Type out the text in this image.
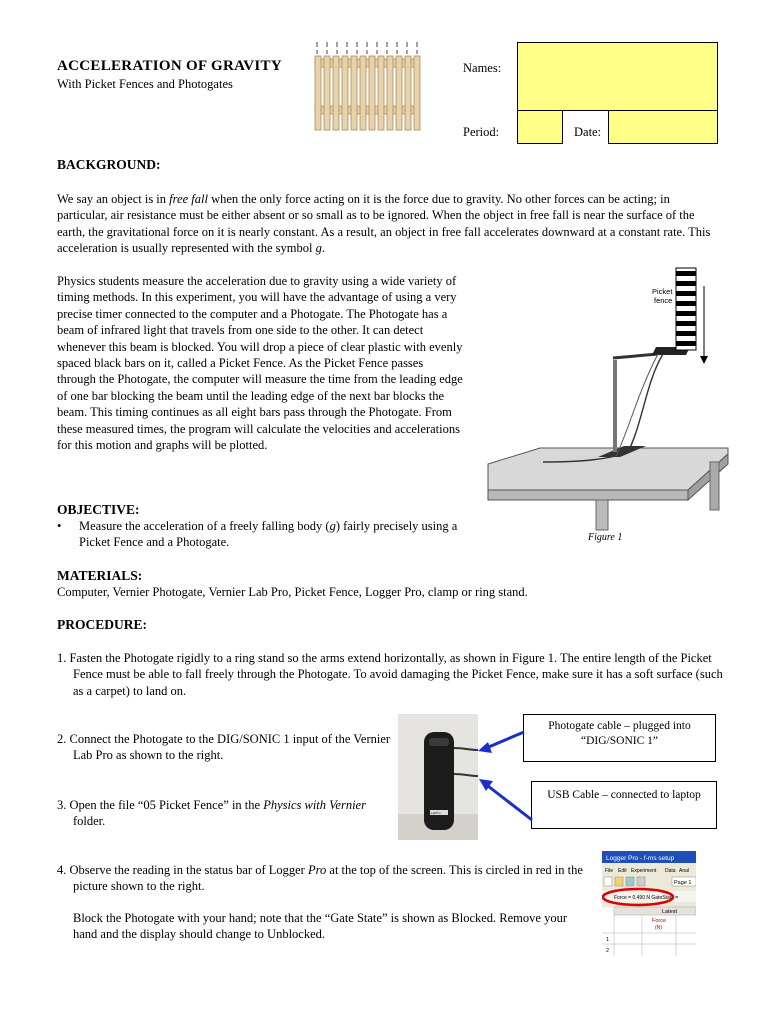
ACCELERATION OF GRAVITY
With Picket Fences and Photogates
Names:
Period:	Date:
BACKGROUND:
We say an object is in free fall when the only force acting on it is the force due to gravity. No other forces can be acting; in particular, air resistance must be either absent or so small as to be ignored. When the object in free fall is near the surface of the earth, the gravitational force on it is nearly constant. As a result, an object in free fall accelerates downward at a constant rate. This acceleration is usually represented with the symbol g.
Physics students measure the acceleration due to gravity using a wide variety of timing methods. In this experiment, you will have the advantage of using a very precise timer connected to the computer and a Photogate. The Photogate has a beam of infrared light that travels from one side to the other. It can detect whenever this beam is blocked. You will drop a piece of clear plastic with evenly spaced black bars on it, called a Picket Fence. As the Picket Fence passes through the Photogate, the computer will measure the time from the leading edge of one bar blocking the beam until the leading edge of the next bar blocks the beam. This timing continues as all eight bars pass through the Photogate. From these measured times, the program will calculate the velocities and accelerations for this motion and graphs will be plotted.
Picket
fence
Figure 1
OBJECTIVE:
• Measure the acceleration of a freely falling body (g) fairly precisely using a Picket Fence and a Photogate.
MATERIALS:
Computer, Vernier Photogate, Vernier Lab Pro, Picket Fence, Logger Pro, clamp or ring stand.
PROCEDURE:
1. Fasten the Photogate rigidly to a ring stand so the arms extend horizontally, as shown in Figure 1. The entire length of the Picket Fence must be able to fall freely through the Photogate. To avoid damaging the Picket Fence, make sure it has a soft surface (such as a carpet) to land on.
2. Connect the Photogate to the DIG/SONIC 1 input of the Vernier Lab Pro as shown to the right.
3. Open the file “05 Picket Fence” in the Physics with Vernier folder.
4. Observe the reading in the status bar of Logger Pro at the top of the screen. This is circled in red in the picture shown to the right.
Block the Photogate with your hand; note that the “Gate State” is shown as Blocked. Remove your hand and the display should change to Unblocked.
LabPro
Photogate cable – plugged into “DIG/SONIC 1”
USB Cable – connected to laptop
Logger Pro - f-ms setup
File Edit Experiment Data Anal
Page 1
Force = 0.490 N GateState =
Latest
Force
(N)
1
2
